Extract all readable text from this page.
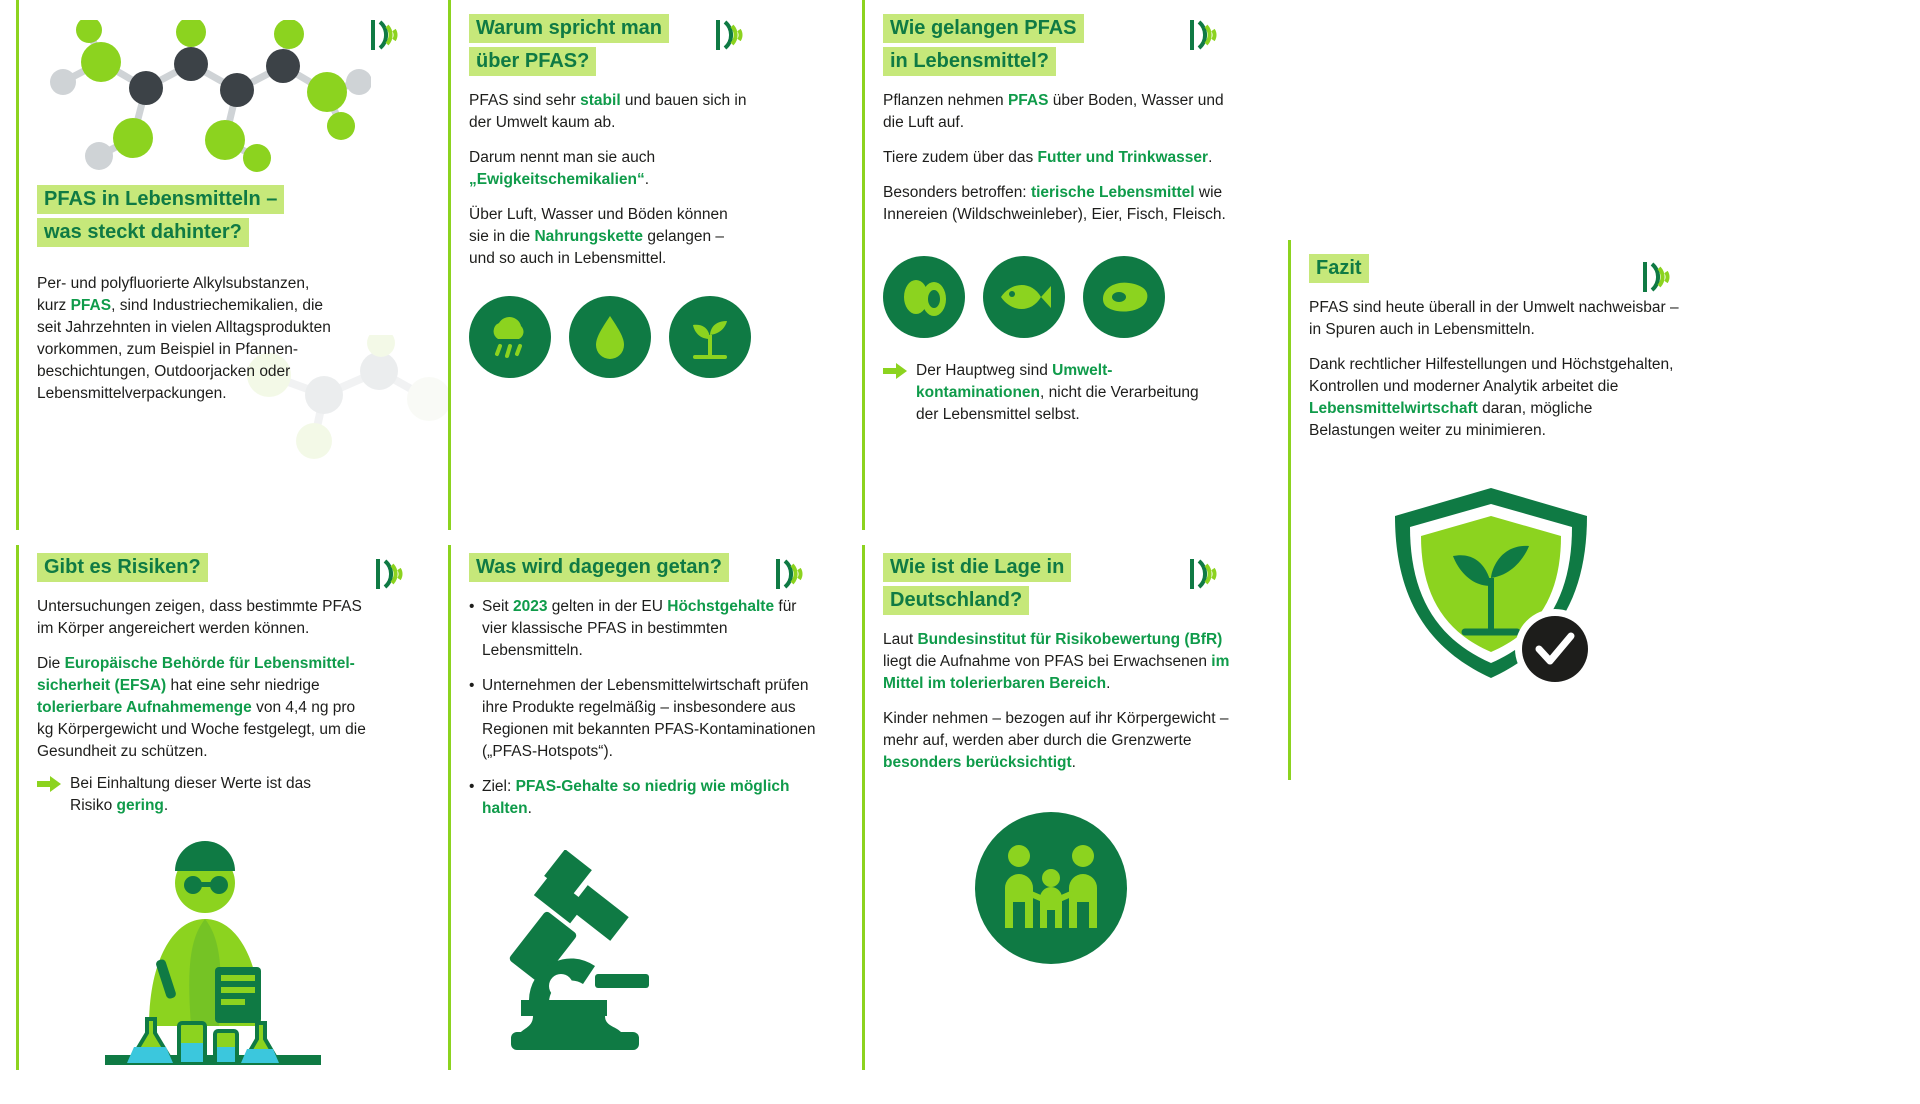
PFAS in Lebensmitteln –
was steckt dahinter?

Per- und polyfluorierte Alkylsubstanzen, kurz PFAS, sind Industriechemikalien, die seit Jahrzehnten in vielen Alltagsprodukten vorkommen, zum Beispiel in Pfannenbeschichtungen, Outdoorjacken oder Lebensmittelverpackungen.

Warum spricht man
über PFAS?

PFAS sind sehr stabil und bauen sich in der Umwelt kaum ab.

Darum nennt man sie auch „Ewigkeitschemikalien“.

Über Luft, Wasser und Böden können sie in die Nahrungskette gelangen – und so auch in Lebensmittel.

Wie gelangen PFAS
in Lebensmittel?

Pflanzen nehmen PFAS über Boden, Wasser und die Luft auf.

Tiere zudem über das Futter und Trinkwasser.

Besonders betroffen: tierische Lebensmittel wie Innereien (Wildschweinleber), Eier, Fisch, Fleisch.

Der Hauptweg sind Umweltkontaminationen, nicht die Verarbeitung der Lebensmittel selbst.
Fazit

PFAS sind heute überall in der Umwelt nachweisbar – in Spuren auch in Lebensmitteln.

Dank rechtlicher Hilfestellungen und Höchstgehalten, Kontrollen und moderner Analytik arbeitet die Lebensmittelwirtschaft daran, mögliche Belastungen weiter zu minimieren.

Gibt es Risiken?

Untersuchungen zeigen, dass bestimmte PFAS im Körper angereichert werden können.

Die Europäische Behörde für Lebensmittelsicherheit (EFSA) hat eine sehr niedrige tolerierbare Aufnahmemenge von 4,4 ng pro kg Körpergewicht und Woche festgelegt, um die Gesundheit zu schützen.

Bei Einhaltung dieser Werte ist das Risiko gering.
Was wird dagegen getan?
• Seit 2023 gelten in der EU Höchstgehalte für vier klassische PFAS in bestimmten Lebensmitteln.
• Unternehmen der Lebensmittelwirtschaft prüfen ihre Produkte regelmäßig – insbesondere aus Regionen mit bekannten PFAS-Kontaminationen („PFAS-Hotspots“).
• Ziel: PFAS-Gehalte so niedrig wie möglich halten.
Wie ist die Lage in
Deutschland?

Laut Bundesinstitut für Risikobewertung (BfR) liegt die Aufnahme von PFAS bei Erwachsenen im Mittel im tolerierbaren Bereich.

Kinder nehmen – bezogen auf ihr Körpergewicht – mehr auf, werden aber durch die Grenzwerte besonders berücksichtigt.
